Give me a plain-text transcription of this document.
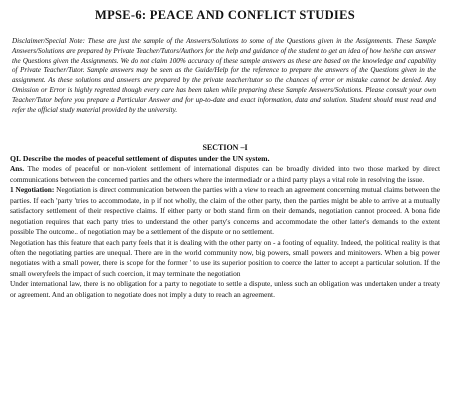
MPSE-6: PEACE AND CONFLICT STUDIES
Disclaimer/Special Note: These are just the sample of the Answers/Solutions to some of the Questions given in the Assignments. These Sample Answers/Solutions are prepared by Private Teacher/Tutors/Authors for the help and guidance of the student to get an idea of how he/she can answer the Questions given the Assignments. We do not claim 100% accuracy of these sample answers as these are based on the knowledge and capability of Private Teacher/Tutor. Sample answers may be seen as the Guide/Help for the reference to prepare the answers of the Questions given in the assignment. As these solutions and answers are prepared by the private teacher/tutor so the chances of error or mistake cannot be denied. Any Omission or Error is highly regretted though every care has been taken while preparing these Sample Answers/Solutions. Please consult your own Teacher/Tutor before you prepare a Particular Answer and for up-to-date and exact information, data and solution. Student should must read and refer the official study material provided by the university.
SECTION –I
QI. Describe the modes of peaceful settlement of disputes under the UN system.

Ans. The modes of peaceful or non-violent settlement of international disputes can be broadly divided into two those marked by direct communications between the concerned parties and the others where the intermediadr or a third party plays a vital role in resolving the issue.

1 Negotiation: Negotiation is direct communication between the parties with a view to reach an agreement concerning mutual claims between the parties. If each 'party 'tries to accommodate, in p if not wholly, the claim of the other party, then the parties might be able to arrive at a mutually satisfactory settlement of their respective claims. If either party or both stand firm on their demands, negotiation cannot proceed. A bona fide negotiation requires that each party tries to understand the other party's concerns and accommodate the other latter's demands to the extent possible The outcome.. of negotiation may be a settlement of the dispute or no settlement.

Negotiation has this feature that each party feels that it is dealing with the other party on - a footing of equality. Indeed, the political reality is that often the negotiating parties are unequal. There are in the world community now, big powers, small powers and minitowers. When a big power negotiates with a small power, there is scope for the former ' to use its superior position to coerce the latter to accept a particular solution. If the small oweryfeels the impact of such coercion, it may terminate the negotiation

Under international law, there is no obligation for a party to negotiate to settle a dispute, unless such an obligation was undertaken under a treaty or agreement. And an obligation to negotiate does not imply a duty to reach an agreement.
